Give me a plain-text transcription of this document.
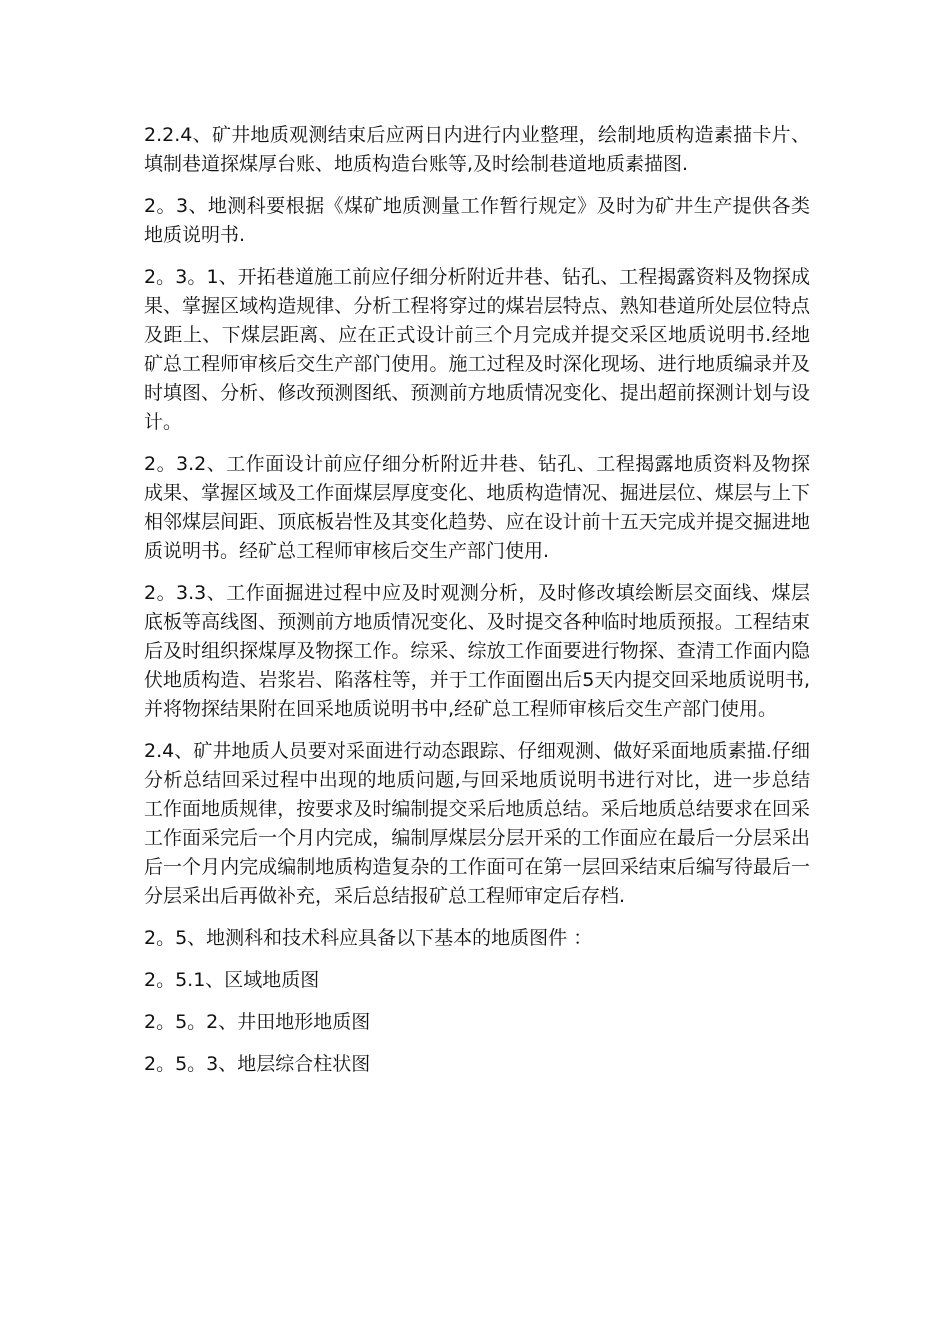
2.2.4、矿井地质观测结束后应两日内进行内业整理，绘制地质构造素描卡片、填制巷道探煤厚台账、地质构造台账等,及时绘制巷道地质素描图.

2。3、地测科要根据《煤矿地质测量工作暂行规定》及时为矿井生产提供各类地质说明书.

2。3。1、开拓巷道施工前应仔细分析附近井巷、钻孔、工程揭露资料及物探成果、掌握区域构造规律、分析工程将穿过的煤岩层特点、熟知巷道所处层位特点及距上、下煤层距离、应在正式设计前三个月完成并提交采区地质说明书.经地矿总工程师审核后交生产部门使用。施工过程及时深化现场、进行地质编录并及时填图、分析、修改预测图纸、预测前方地质情况变化、提出超前探测计划与设计。

2。3.2、工作面设计前应仔细分析附近井巷、钻孔、工程揭露地质资料及物探成果、掌握区域及工作面煤层厚度变化、地质构造情况、掘进层位、煤层与上下相邻煤层间距、顶底板岩性及其变化趋势、应在设计前十五天完成并提交掘进地质说明书。经矿总工程师审核后交生产部门使用.

2。3.3、工作面掘进过程中应及时观测分析，及时修改填绘断层交面线、煤层底板等高线图、预测前方地质情况变化、及时提交各种临时地质预报。工程结束后及时组织探煤厚及物探工作。综采、综放工作面要进行物探、查清工作面内隐伏地质构造、岩浆岩、陷落柱等，并于工作面圈出后5天内提交回采地质说明书,并将物探结果附在回采地质说明书中,经矿总工程师审核后交生产部门使用。

2.4、矿井地质人员要对采面进行动态跟踪、仔细观测、做好采面地质素描.仔细分析总结回采过程中出现的地质问题,与回采地质说明书进行对比，进一步总结工作面地质规律，按要求及时编制提交采后地质总结。采后地质总结要求在回采工作面采完后一个月内完成，编制厚煤层分层开采的工作面应在最后一分层采出后一个月内完成编制地质构造复杂的工作面可在第一层回采结束后编写待最后一分层采出后再做补充，采后总结报矿总工程师审定后存档.

2。5、地测科和技术科应具备以下基本的地质图件 ：

2。5.1、区域地质图

2。5。2、井田地形地质图

2。5。3、地层综合柱状图
